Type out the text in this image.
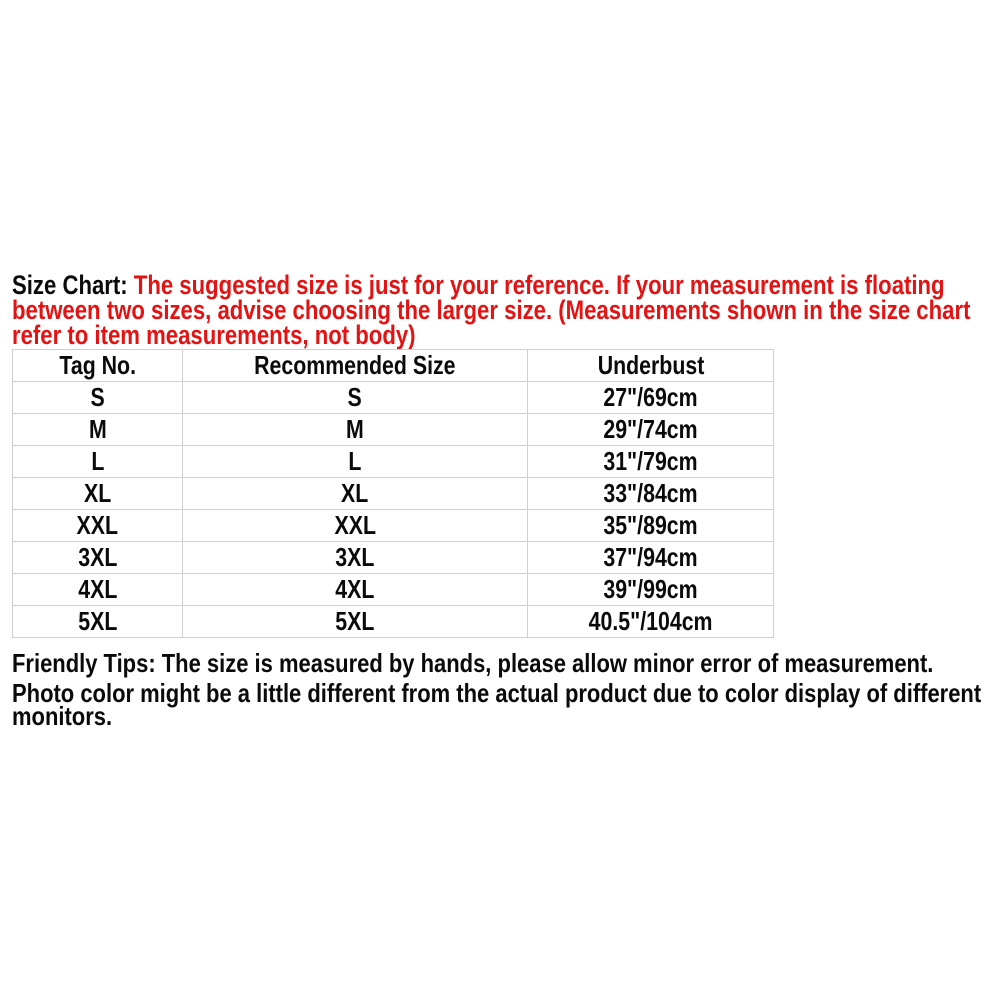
Size Chart: The suggested size is just for your reference. If your measurement is floating
between two sizes, advise choosing the larger size. (Measurements shown in the size chart
refer to item measurements, not body)
Tag No.	Recommended Size	Underbust
S	S	27"/69cm
M	M	29"/74cm
L	L	31"/79cm
XL	XL	33"/84cm
XXL	XXL	35"/89cm
3XL	3XL	37"/94cm
4XL	4XL	39"/99cm
5XL	5XL	40.5"/104cm
Friendly Tips: The size is measured by hands, please allow minor error of measurement.
Photo color might be a little different from the actual product due to color display of different
monitors.
